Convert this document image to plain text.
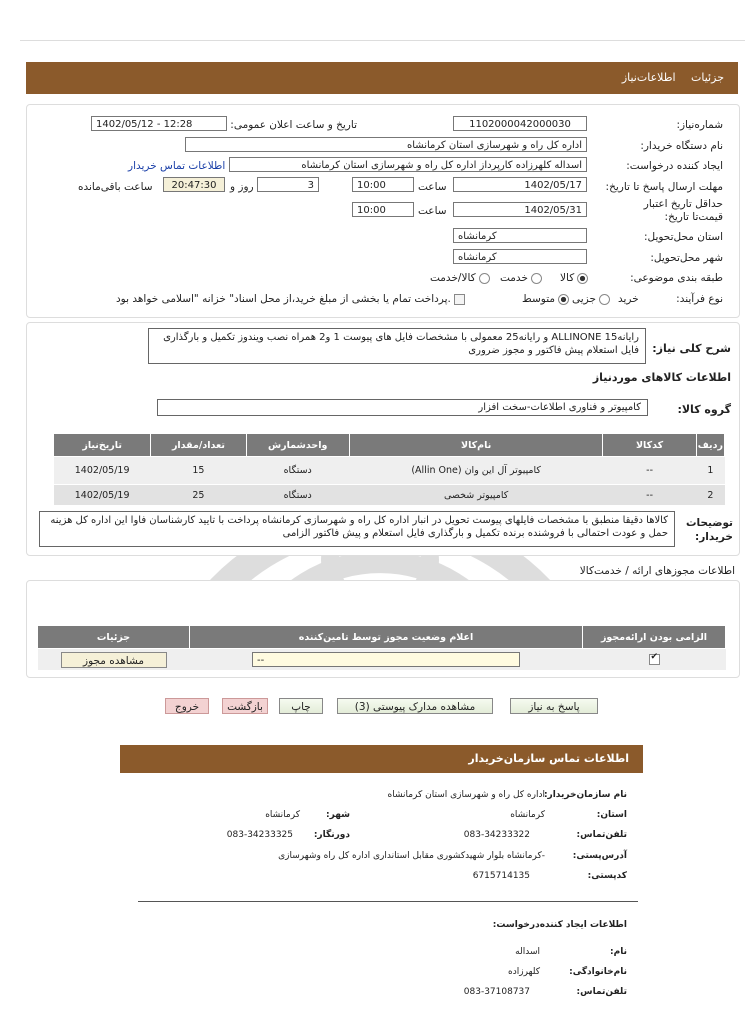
جزئیات اطلاعات‌نیاز
شماره‌نیاز:
1102000042000030
تاریخ و ساعت اعلان عمومی:
1402/05/12 - 12:28
نام دستگاه‌ خریدار:
اداره کل راه و شهرسازی استان کرمانشاه
ایجاد کننده درخواست:
اسداله کلهرزاده کارپرداز اداره کل راه و شهرسازی استان کرمانشاه
اطلاعات تماس خریدار
مهلت ارسال پاسخ تا تاریخ:
1402/05/17
ساعت
10:00
3
روز و
20:47:30
ساعت باقی‌مانده
حداقل تاریخ اعتبار قیمت‌تا تاریخ:
1402/05/31
ساعت
10:00
استان محل‌تحویل:
کرمانشاه
شهر محل‌تحویل:
کرمانشاه
طبقه بندی موضوعی:
کالا
خدمت
کالا/خدمت
نوع فرآیند:
خرید
جزیی
متوسط
پرداخت تمام یا بخشی از مبلغ خرید،از محل اسناد" خزانه "اسلامی خواهد بود.
شرح کلی نیاز:
رایانه15 ALLINONE و رایانه25 معمولی با مشخصات فایل های پیوست 1 و2 همراه نصب ویندوز تکمیل و بارگذاری فایل استعلام پیش فاکتور و مجوز ضروری
اطلاعات کالاهای موردنیاز
گروه کالا:
کامپیوتر و فناوری اطلاعات-سخت افزار
ردیف	کدکالا	نام‌کالا	واحدشمارش	تعداد/مقدار	تاریخ‌نیاز
1	--	کامپیوتر آل این وان (Allin One)	دستگاه	15	1402/05/19
2	--	کامپیوتر شخصی	دستگاه	25	1402/05/19
توضیحات خریدار:
کالاها دقیقا منطبق با مشخصات فایلهای پیوست تحویل در انبار اداره کل راه و شهرسازی کرمانشاه پرداخت با تایید کارشناسان فاوا این اداره کل هزینه حمل و عودت احتمالی با فروشنده برنده تکمیل و بارگذاری فایل استعلام و پیش فاکتور الزامی
اطلاعات مجوزهای ارائه / خدمت‌کالا
الزامی بودن ارائه‌مجوز	اعلام وضعیت مجوز توسط تامین‌کننده	جزئیات

✔	--	مشاهده مجوز
پاسخ به نیاز
مشاهده مدارک پیوستی (3)
چاپ
بازگشت
خروج
اطلاعات تماس سازمان‌خریدار
نام سازمان‌خریدار:
اداره کل راه و شهرسازی استان کرمانشاه
استان:
کرمانشاه
شهر:
کرمانشاه
تلفن‌تماس:
083-34233322
دورنگار:
083-34233325
آدرس‌پستی:
-کرمانشاه بلوار شهید‌کشوری مقابل استانداری اداره کل راه وشهرسازی
کدپستی:
6715714135
اطلاعات ایجاد کننده‌درخواست:
نام:
اسداله
نام‌خانوادگی:
کلهرزاده
تلفن‌تماس:
083-37108737
